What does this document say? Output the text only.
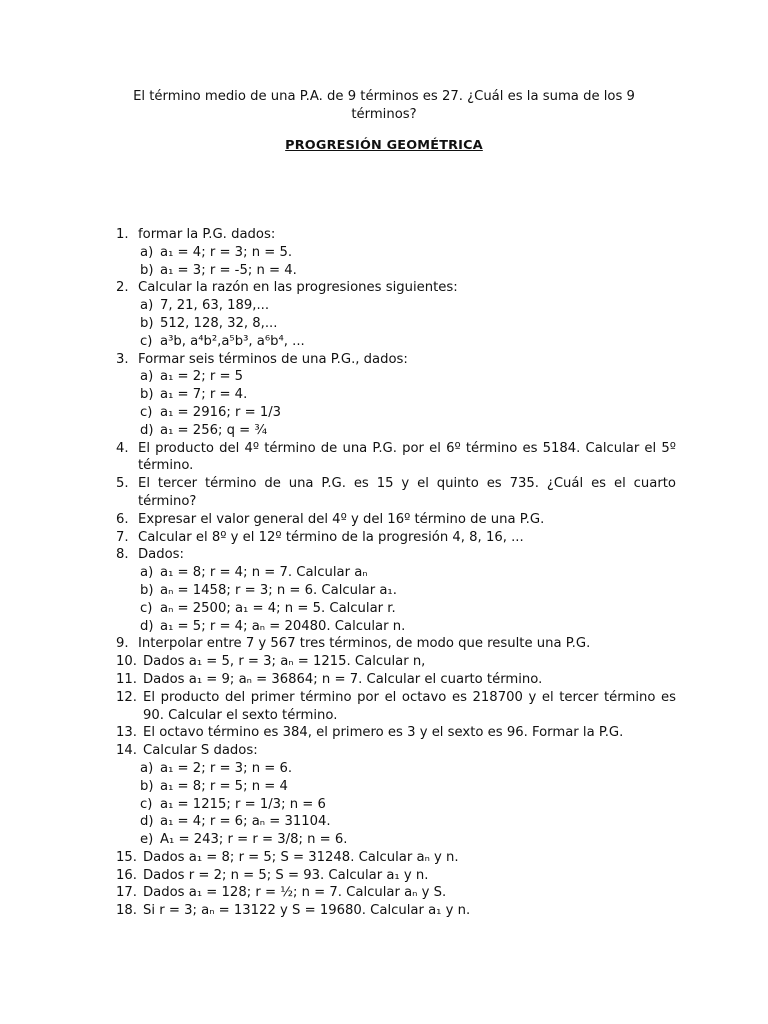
El término medio de una P.A. de 9 términos es 27. ¿Cuál es la suma de los 9 términos?
PROGRESIÓN GEOMÉTRICA
1. formar la P.G. dados:
a) a₁ = 4; r = 3; n = 5.
b) a₁ = 3; r = -5; n = 4.
2. Calcular la razón en las progresiones siguientes:
a) 7, 21, 63, 189,...
b) 512, 128, 32, 8,...
c) a³b, a⁴b²,a⁵b³, a⁶b⁴, ...
3. Formar seis términos de una P.G., dados:
a) a₁ = 2; r = 5
b) a₁ = 7; r = 4.
c) a₁ = 2916; r = 1/3
d) a₁ = 256; q = ¾
4. El producto del 4º término de una P.G. por el 6º término es 5184. Calcular el 5º término.
5. El tercer término de una P.G. es 15 y el quinto es 735. ¿Cuál es el cuarto término?
6. Expresar el valor general del 4º y del 16º término de una P.G.
7. Calcular el 8º y el 12º término de la progresión 4, 8, 16, ...
8. Dados:
a) a₁ = 8; r = 4; n = 7. Calcular aₙ
b) aₙ = 1458; r = 3; n = 6. Calcular a₁.
c) aₙ = 2500; a₁ = 4; n = 5. Calcular r.
d) a₁ = 5; r = 4; aₙ = 20480. Calcular n.
9. Interpolar entre 7 y 567 tres términos, de modo que resulte una P.G.
10. Dados a₁ = 5, r = 3; aₙ = 1215. Calcular n,
11. Dados a₁ = 9; aₙ = 36864; n = 7. Calcular el cuarto término.
12. El producto del primer término por el octavo es 218700 y el tercer término es 90. Calcular el sexto término.
13. El octavo término es 384, el primero es 3 y el sexto es 96. Formar la P.G.
14. Calcular S dados:
a) a₁ = 2; r = 3; n = 6.
b) a₁ = 8; r = 5; n = 4
c) a₁ = 1215; r = 1/3; n = 6
d) a₁ = 4; r = 6; aₙ = 31104.
e) A₁ = 243; r = r = 3/8; n = 6.
15. Dados a₁ = 8; r = 5; S = 31248. Calcular aₙ y n.
16. Dados r = 2; n = 5; S = 93. Calcular a₁ y n.
17. Dados a₁ = 128; r = ½; n = 7. Calcular aₙ y S.
18. Si r = 3; aₙ = 13122 y S = 19680. Calcular a₁ y n.
